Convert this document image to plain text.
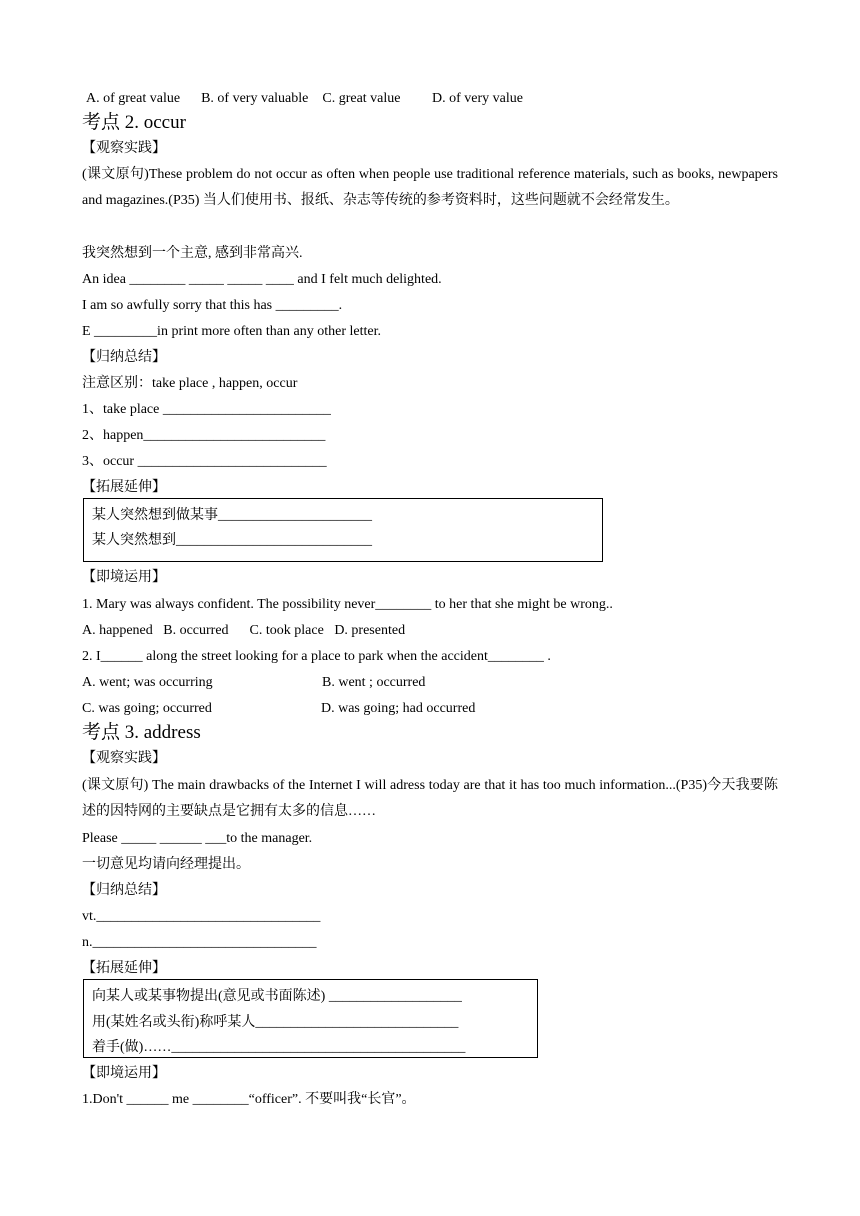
A. of great value      B. of very valuable    C. great value         D. of very value

考点 2. occur

【观察实践】

(课文原句)These problem do not occur as often when people use traditional reference materials, such as books, newpapers and magazines.(P35) 当人们使用书、报纸、杂志等传统的参考资料时，这些问题就不会经常发生。

我突然想到一个主意, 感到非常高兴.

An idea ________ _____ _____ ____ and I felt much delighted.

I am so awfully sorry that this has _________.

E _________in print more often than any other letter.

【归纳总结】

注意区别：take place , happen, occur

1、take place ________________________

2、happen__________________________

3、occur ___________________________

【拓展延伸】

某人突然想到做某事______________________

某人突然想到____________________________

【即境运用】

1. Mary was always confident. The possibility never________ to her that she might be wrong..

A. happened   B. occurred      C. took place   D. presented

2. I______ along the street looking for a place to park when the accident________ .

A. went; was occurring	B. went ; occurred

C. was going; occurred	D. was going; had occurred

考点 3. address

【观察实践】

(课文原句) The main drawbacks of the Internet I will adress today are that it has too much information...(P35)今天我要陈述的因特网的主要缺点是它拥有太多的信息……

Please _____ ______ ___to the manager.

一切意见均请向经理提出。

【归纳总结】

vt.________________________________

n.________________________________

【拓展延伸】

向某人或某事物提出(意见或书面陈述) ___________________

用(某姓名或头衔)称呼某人_____________________________

着手(做)……__________________________________________

【即境运用】

1.Don't ______ me ________“officer”. 不要叫我“长官”。
